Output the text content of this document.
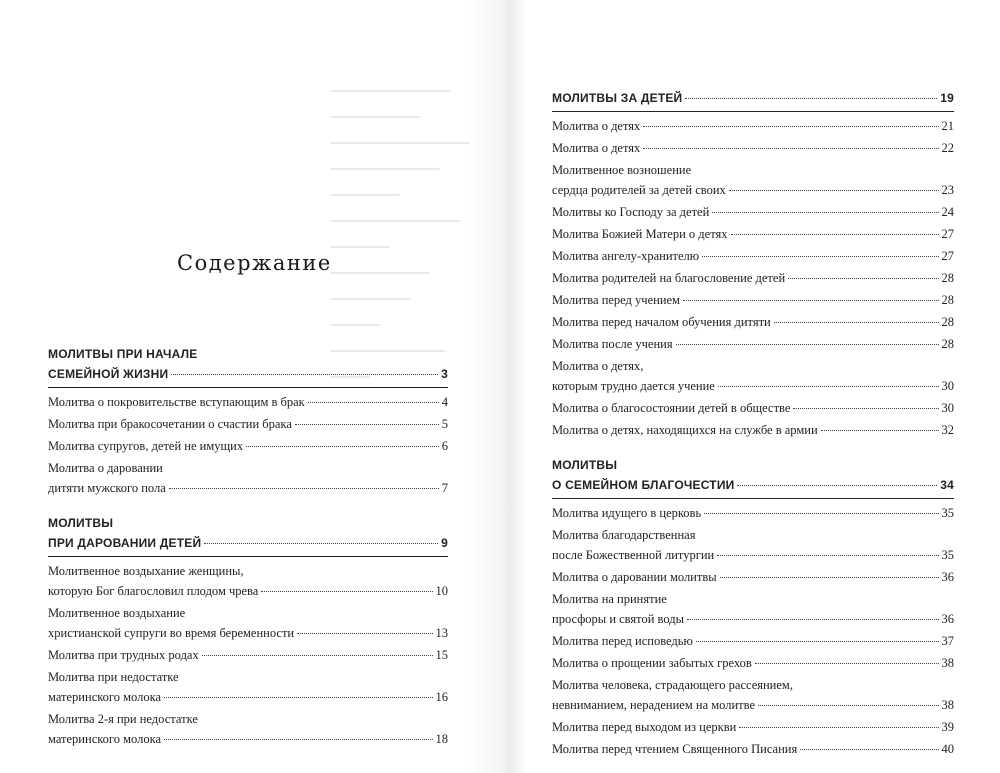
Содержание
МОЛИТВЫ ПРИ НАЧАЛЕ
СЕМЕЙНОЙ ЖИЗНИ	3
Молитва о покровительстве вступающим в брак	4
Молитва при бракосочетании о счастии брака	5
Молитва супругов, детей не имущих	6
Молитва о даровании
дитяти мужского пола	7
МОЛИТВЫ
ПРИ ДАРОВАНИИ ДЕТЕЙ	9
Молитвенное воздыхание женщины,
которую Бог благословил плодом чрева	10
Молитвенное воздыхание
христианской супруги во время беременности	13
Молитва при трудных родах	15
Молитва при недостатке
материнского молока	16
Молитва 2-я при недостатке
материнского молока	18
МОЛИТВЫ ЗА ДЕТЕЙ	19
Молитва о детях	21
Молитва о детях	22
Молитвенное возношение
сердца родителей за детей своих	23
Молитвы ко Господу за детей	24
Молитва Божией Матери о детях	27
Молитва ангелу-хранителю	27
Молитва родителей на благословение детей	28
Молитва перед учением	28
Молитва перед началом обучения дитяти	28
Молитва после учения	28
Молитва о детях,
которым трудно дается учение	30
Молитва о благосостоянии детей в обществе	30
Молитва о детях, находящихся на службе в армии	32
МОЛИТВЫ
О СЕМЕЙНОМ БЛАГОЧЕСТИИ	34
Молитва идущего в церковь	35
Молитва благодарственная
после Божественной литургии	35
Молитва о даровании молитвы	36
Молитва на принятие
просфоры и святой воды	36
Молитва перед исповедью	37
Молитва о прощении забытых грехов	38
Молитва человека, страдающего рассеянием,
невниманием, нерадением на молитве	38
Молитва перед выходом из церкви	39
Молитва перед чтением Священного Писания	40
